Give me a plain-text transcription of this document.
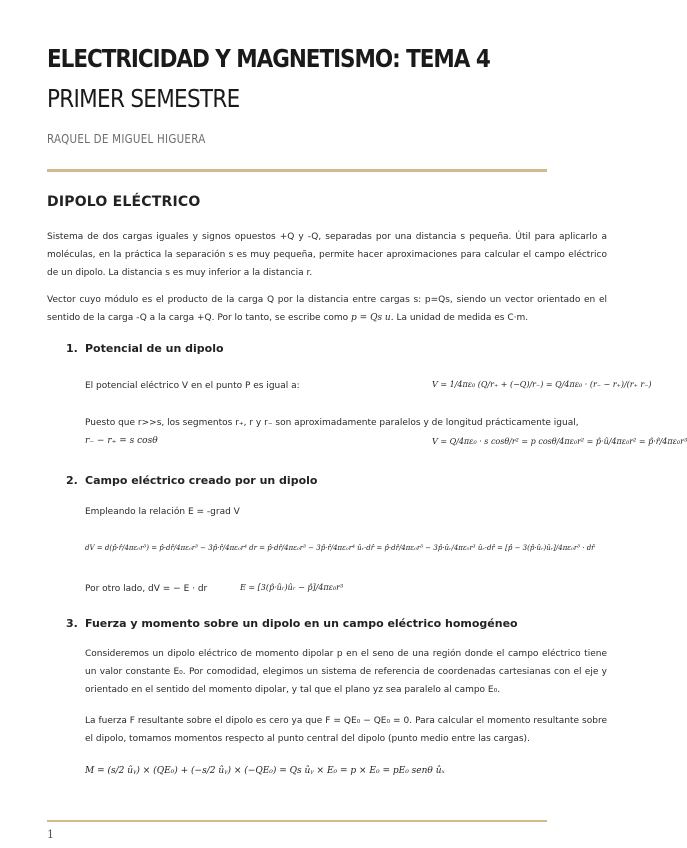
ELECTRICIDAD Y MAGNETISMO: TEMA 4
PRIMER SEMESTRE
RAQUEL DE MIGUEL HIGUERA
DIPOLO ELÉCTRICO

Sistema de dos cargas iguales y signos opuestos +Q y -Q, separadas por una distancia s pequeña. Útil para aplicarlo a moléculas, en la práctica la separación s es muy pequeña, permite hacer aproximaciones para calcular el campo eléctrico de un dipolo. La distancia s es muy inferior a la distancia r.

Vector cuyo módulo es el producto de la carga Q por la distancia entre cargas s: p=Qs, siendo un vector orientado en el sentido de la carga -Q a la carga +Q. Por lo tanto, se escribe como p = Qs u. La unidad de medida es C·m.

1. Potencial de un dipolo

El potencial eléctrico V en el punto P es igual a:	V = 1/4πε₀ (Q/r₊ + (−Q)/r₋) = Q/4πε₀ · (r₋ − r₊)/(r₊ r₋)

Puesto que r>>s, los segmentos r₊, r y r₋ son aproximadamente paralelos y de longitud prácticamente igual,

r₋ − r₊ = s cosθ	V = Q/4πε₀ · s cosθ/r² = p cosθ/4πε₀r² = p̂·û/4πε₀r² = p̂·r̂/4πε₀r³
2. Campo eléctrico creado por un dipolo

Empleando la relación E = -grad V

dV = d(p̂·r̂/4πε₀r³) = p̂·dr̂/4πε₀r³ − 3p̂·r̂/4πε₀r⁴ dr = p̂·dr̂/4πε₀r³ − 3p̂·r̂/4πε₀r⁴ ûᵣ·dr̂ = p̂·dr̂/4πε₀r³ − 3p̂·ûᵣ/4πε₀r³ ûᵣ·dr̂ = [p̂ − 3(p̂·ûᵣ)ûᵣ]/4πε₀r³ · dr̂

Por otro lado, dV = − E · dr	E = [3(p̂·ûᵣ)ûᵣ − p̂]/4πε₀r³
3. Fuerza y momento sobre un dipolo en un campo eléctrico homogéneo

Consideremos un dipolo eléctrico de momento dipolar p en el seno de una región donde el campo eléctrico tiene un valor constante E₀. Por comodidad, elegimos un sistema de referencia de coordenadas cartesianas con el eje y orientado en el sentido del momento dipolar, y tal que el plano yz sea paralelo al campo E₀.

La fuerza F resultante sobre el dipolo es cero ya que F = QE₀ − QE₀ = 0. Para calcular el momento resultante sobre el dipolo, tomamos momentos respecto al punto central del dipolo (punto medio entre las cargas).

M = (s/2 ûᵧ) × (QE₀) + (−s/2 ûᵧ) × (−QE₀) = Qs ûᵧ × E₀ = p × E₀ = pE₀ senθ ûₓ
1
